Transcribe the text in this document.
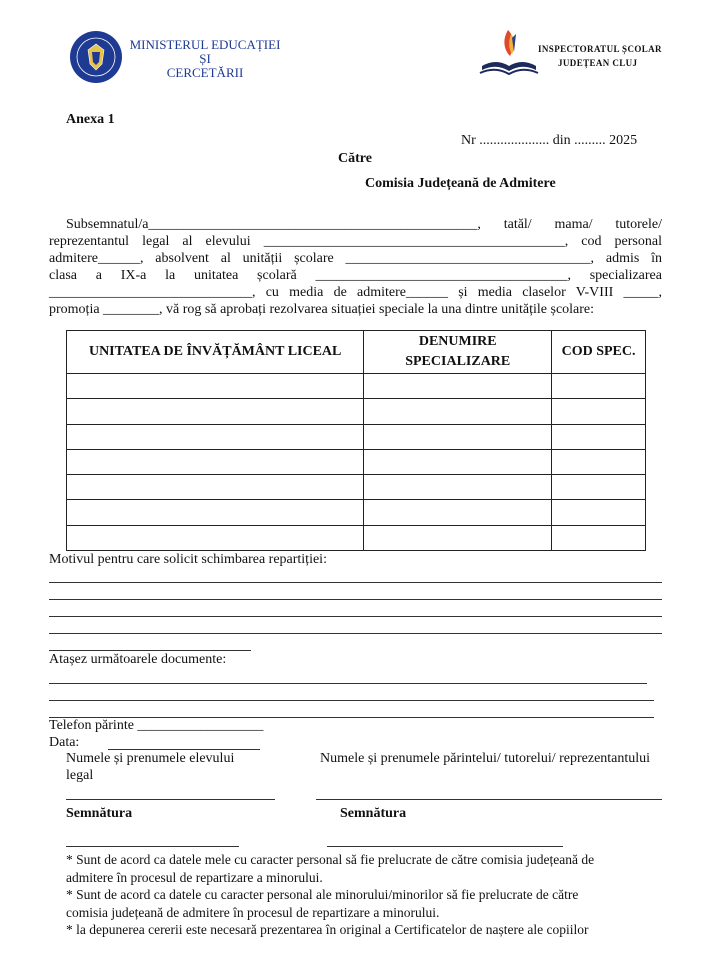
MINISTERUL EDUCAȚIEI ȘI
CERCETĂRII
INSPECTORATUL ȘCOLAR
JUDEȚEAN CLUJ
Anexa 1
Nr .................... din ......... 2025
Către
Comisia Județeană de Admitere
Subsemnatul/a_______________________________________________, tatăl/ mama/ tutorele/
reprezentantul legal al elevului ___________________________________________, cod personal
admitere______, absolvent al unității școlare ___________________________________, admis în
clasa a IX-a la unitatea școlară ____________________________________, specializarea
_____________________________, cu media de admitere______ și media claselor V-VIII _____,
promoția ________, vă rog să aprobați rezolvarea situației speciale la una dintre unitățile școlare:
UNITATEA DE ÎNVĂȚĂMÂNT LICEAL	DENUMIRE SPECIALIZARE	COD SPEC.

Motivul pentru care solicit schimbarea repartiției:
Atașez următoarele documente:
Telefon părinte __________________
Data:
Numele și prenumele elevului
legal
Numele și prenumele părintelui/ tutorelui/ reprezentantului
Semnătura	Semnătura
* Sunt de acord ca datele mele cu caracter personal să fie prelucrate de către comisia județeană de
admitere în procesul de repartizare a minorului.
* Sunt de acord ca datele cu caracter personal ale minorului/minorilor să fie prelucrate de către
comisia județeană de admitere în procesul de repartizare a minorului.
* la depunerea cererii este necesară prezentarea în original a Certificatelor de naștere ale copiilor
